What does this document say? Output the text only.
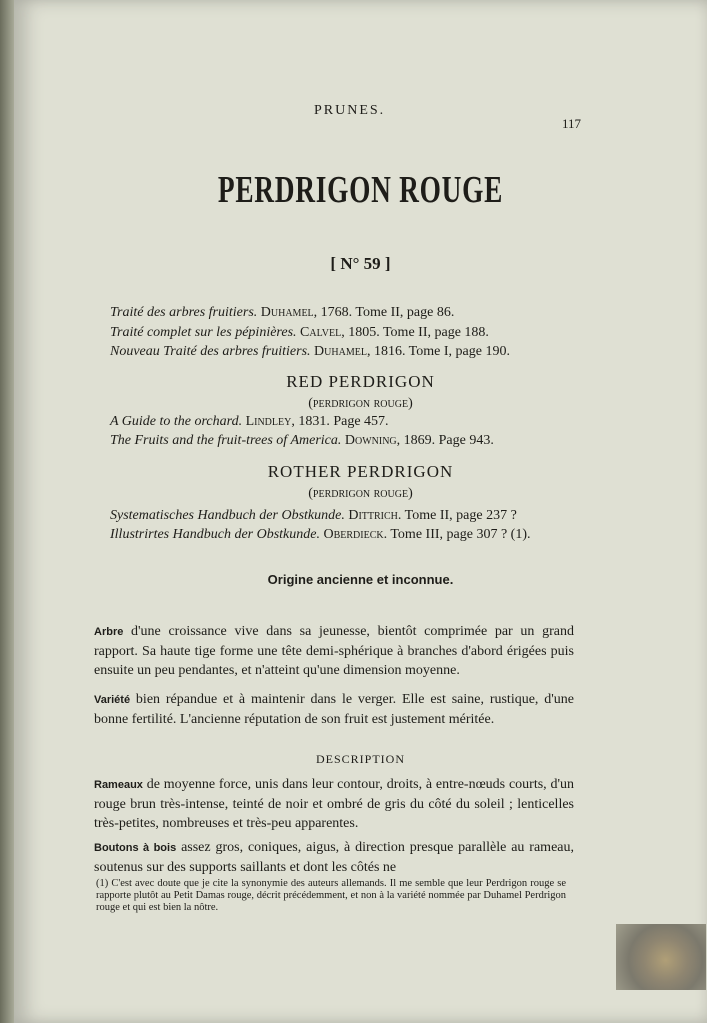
PRUNES.
117
PERDRIGON ROUGE
[ N° 59 ]
Traité des arbres fruitiers. Duhamel, 1768. Tome II, page 86.
Traité complet sur les pépinières. Calvel, 1805. Tome II, page 188.
Nouveau Traité des arbres fruitiers. Duhamel, 1816. Tome I, page 190.
RED PERDRIGON
(perdrigon rouge)
A Guide to the orchard. Lindley, 1831. Page 457.
The Fruits and the fruit-trees of America. Downing, 1869. Page 943.
ROTHER PERDRIGON
(perdrigon rouge)
Systematisches Handbuch der Obstkunde. Dittrich. Tome II, page 237 ?
Illustrirtes Handbuch der Obstkunde. Oberdieck. Tome III, page 307 ? (1).
Origine ancienne et inconnue.
Arbre d'une croissance vive dans sa jeunesse, bientôt comprimée par un grand rapport. Sa haute tige forme une tête demi-sphérique à branches d'abord érigées puis ensuite un peu pendantes, et n'atteint qu'une dimension moyenne.
Variété bien répandue et à maintenir dans le verger. Elle est saine, rustique, d'une bonne fertilité. L'ancienne réputation de son fruit est justement méritée.
DESCRIPTION
Rameaux de moyenne force, unis dans leur contour, droits, à entre-nœuds courts, d'un rouge brun très-intense, teinté de noir et ombré de gris du côté du soleil ; lenticelles très-petites, nombreuses et très-peu apparentes.
Boutons à bois assez gros, coniques, aigus, à direction presque parallèle au rameau, soutenus sur des supports saillants et dont les côtés ne
(1) C'est avec doute que je cite la synonymie des auteurs allemands. Il me semble que leur Perdrigon rouge se rapporte plutôt au Petit Damas rouge, décrit précédemment, et non à la variété nommée par Duhamel Perdrigon rouge et qui est bien la nôtre.
